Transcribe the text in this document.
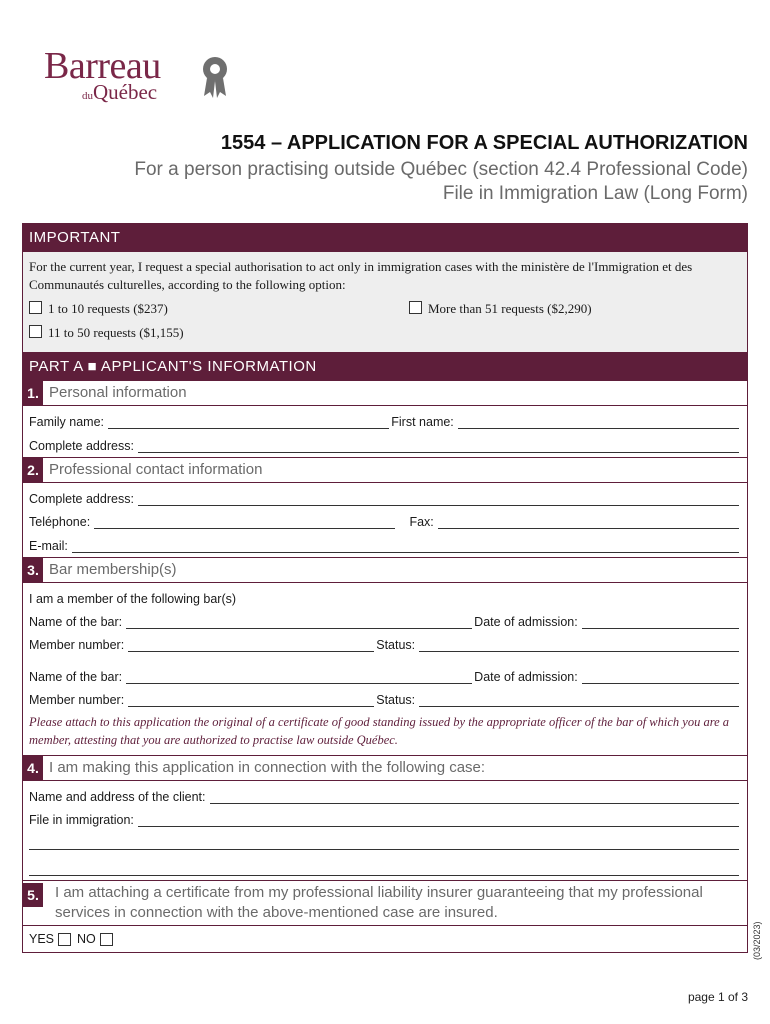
Barreau
duQuébec
1554 – APPLICATION FOR A SPECIAL AUTHORIZATION
For a person practising outside Québec (section 42.4 Professional Code)
File in Immigration Law (Long Form)
IMPORTANT
For the current year, I request a special authorisation to act only in immigration cases with the ministère de l'Immigration et des Communautés culturelles, according to the following option:
1 to 10 requests ($237)	More than 51 requests ($2,290)
11 to 50 requests ($1,155)
PART A ■ APPLICANT'S INFORMATION
1. Personal information
Family name:	First name:
Complete address:
2. Professional contact information
Complete address:
Teléphone:	Fax:
E-mail:
3. Bar membership(s)
I am a member of the following bar(s)
Name of the bar:	Date of admission:
Member number:	Status:
Name of the bar:	Date of admission:
Member number:	Status:
Please attach to this application the original of a certificate of good standing issued by the appropriate officer of the bar of which you are a member, attesting that you are authorized to practise law outside Québec.
4. I am making this application in connection with the following case:
Name and address of the client:
File in immigration:
5.	I am attaching a certificate from my professional liability insurer guaranteeing that my professional services in connection with the above-mentioned case are insured.
YES	NO	(03/2023)
page 1 of 3
